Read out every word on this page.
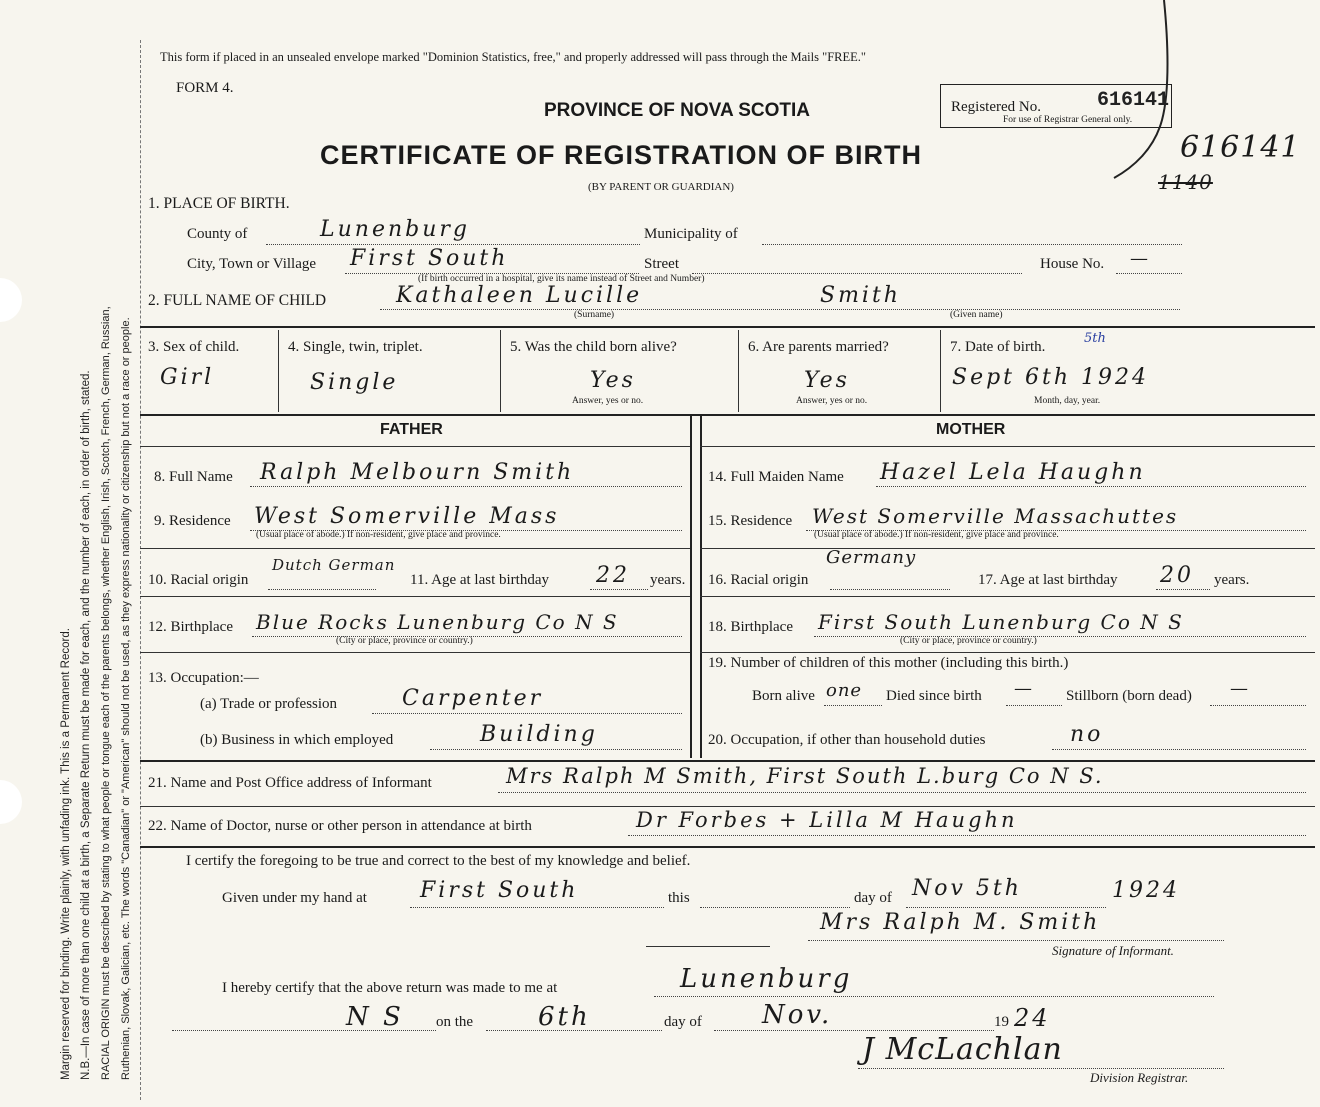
Margin reserved for binding. Write plainly, with unfading ink. This is a Permanent Record. N.B.—In case of more than one child at a birth, a Separate Return must be made for each, and the number of each, in order of birth, stated. RACIAL ORIGIN must be described by stating to what people or tongue each of the parents belongs, whether English, Irish, Scotch, French, German, Russian, Ruthenian, Slovak, Galician, etc. The words "Canadian" or "American" should not be used, as they express nationality or citizenship but not a race or people.
This form if placed in an unsealed envelope marked "Dominion Statistics, free," and properly addressed will pass through the Mails "FREE."
FORM 4.
PROVINCE OF NOVA SCOTIA
CERTIFICATE OF REGISTRATION OF BIRTH
(BY PARENT OR GUARDIAN)
Registered No.	616141
For use of Registrar General only.
616141
1140
1. PLACE OF BIRTH.
County of	Lunenburg	Municipality of
City, Town or Village First South	Street	House No. —
(If birth occurred in a hospital, give its name instead of Street and Number)
2. FULL NAME OF CHILD	Kathaleen Lucille	Smith
(Surname)	(Given name)
3. Sex of child.
Girl
4. Single, twin, triplet.
Single
5. Was the child born alive?
Yes
Answer, yes or no.
6. Are parents married?
Yes
Answer, yes or no.
7. Date of birth.
5th
Sept 6th 1924
Month, day, year.
FATHER	MOTHER
8. Full Name Ralph Melbourn Smith
9. Residence West Somerville Mass
(Usual place of abode.) If non-resident, give place and province.
10. Racial origin
Dutch German
11. Age at last birthday 22 years.
12. Birthplace Blue Rocks Lunenburg Co N S
(City or place, province or country.)
13. Occupation:—
(a) Trade or profession	Carpenter
(b) Business in which employed	Building
14. Full Maiden Name Hazel Lela Haughn
15. Residence West Somerville Massachuttes
(Usual place of abode.) If non-resident, give place and province.
16. Racial origin
Germany
17. Age at last birthday 20 years.
18. Birthplace First South Lunenburg Co N S
(City or place, province or country.)
19. Number of children of this mother (including this birth.)
Born alive one Died since birth — Stillborn (born dead) —
20. Occupation, if other than household duties	no
21. Name and Post Office address of Informant	Mrs Ralph M Smith, First South L.burg Co N S.
22. Name of Doctor, nurse or other person in attendance at birth	Dr Forbes + Lilla M Haughn
I certify the foregoing to be true and correct to the best of my knowledge and belief.
Given under my hand at First South	this	day of Nov 5th	1924
Mrs Ralph M. Smith
Signature of Informant.
I hereby certify that the above return was made to me at	Lunenburg
N S on the 6th	day of Nov.	19 24
J McLachlan
Division Registrar.
